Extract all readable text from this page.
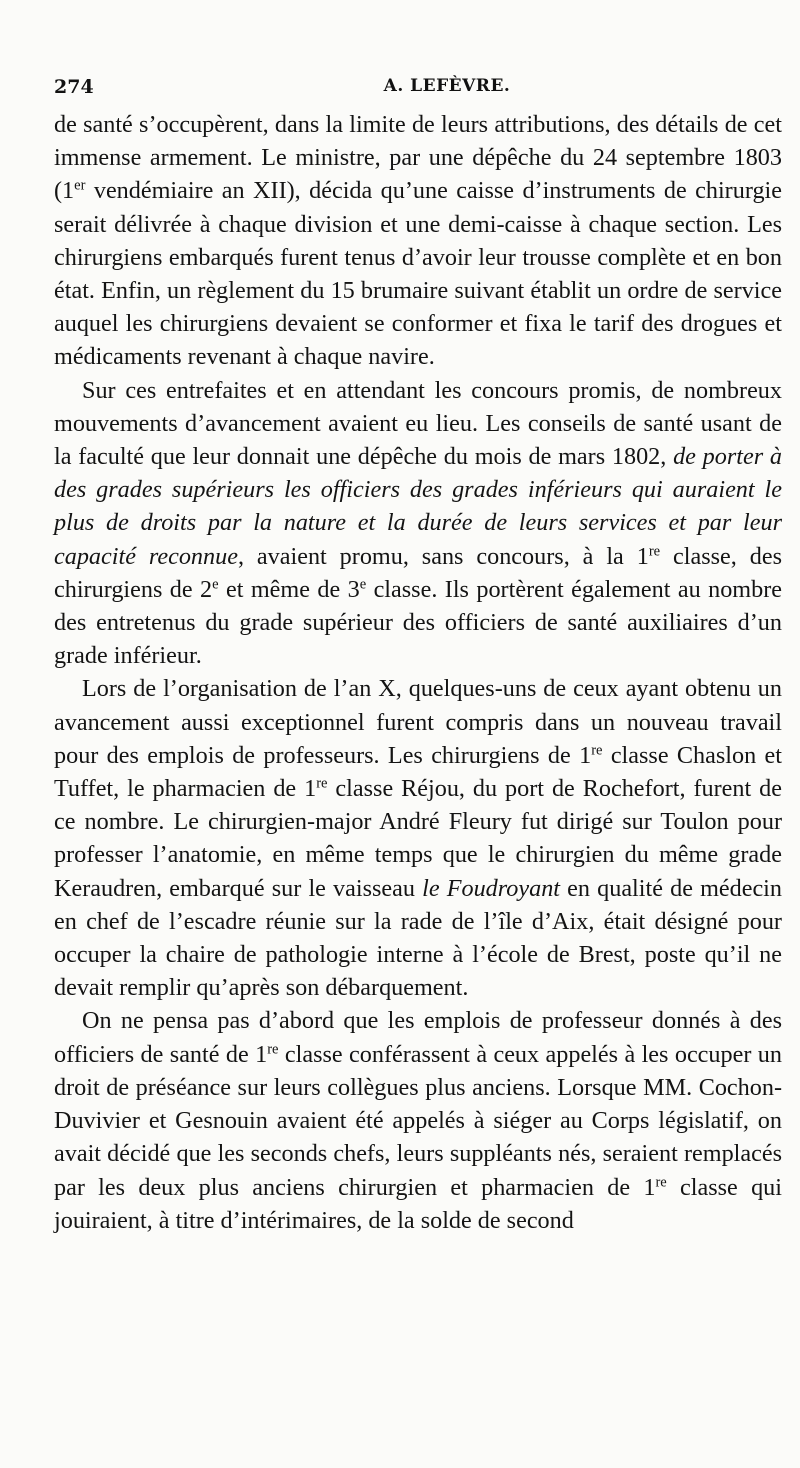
274	A. LEFÈVRE.

de santé s’occupèrent, dans la limite de leurs attributions, des détails de cet immense armement. Le ministre, par une dépêche du 24 septembre 1803 (1er vendémiaire an XII), décida qu’une caisse d’instruments de chirurgie serait délivrée à chaque division et une demi-caisse à chaque section. Les chirurgiens embarqués furent tenus d’avoir leur trousse complète et en bon état. Enfin, un règlement du 15 brumaire suivant établit un ordre de service auquel les chirurgiens devaient se conformer et fixa le tarif des drogues et médicaments revenant à chaque navire.

Sur ces entrefaites et en attendant les concours promis, de nombreux mouvements d’avancement avaient eu lieu. Les conseils de santé usant de la faculté que leur donnait une dépêche du mois de mars 1802, de porter à des grades supérieurs les officiers des grades inférieurs qui auraient le plus de droits par la nature et la durée de leurs services et par leur capacité reconnue, avaient promu, sans concours, à la 1re classe, des chirurgiens de 2e et même de 3e classe. Ils portèrent également au nombre des entretenus du grade supérieur des officiers de santé auxiliaires d’un grade inférieur.

Lors de l’organisation de l’an X, quelques-uns de ceux ayant obtenu un avancement aussi exceptionnel furent compris dans un nouveau travail pour des emplois de professeurs. Les chirurgiens de 1re classe Chaslon et Tuffet, le pharmacien de 1re classe Réjou, du port de Rochefort, furent de ce nombre. Le chirurgien-major André Fleury fut dirigé sur Toulon pour professer l’anatomie, en même temps que le chirurgien du même grade Keraudren, embarqué sur le vaisseau le Foudroyant en qualité de médecin en chef de l’escadre réunie sur la rade de l’île d’Aix, était désigné pour occuper la chaire de pathologie interne à l’école de Brest, poste qu’il ne devait remplir qu’après son débarquement.

On ne pensa pas d’abord que les emplois de professeur donnés à des officiers de santé de 1re classe conférassent à ceux appelés à les occuper un droit de préséance sur leurs collègues plus anciens. Lorsque MM. Cochon-Duvivier et Gesnouin avaient été appelés à siéger au Corps législatif, on avait décidé que les seconds chefs, leurs suppléants nés, seraient remplacés par les deux plus anciens chirurgien et pharmacien de 1re classe qui jouiraient, à titre d’intérimaires, de la solde de second
